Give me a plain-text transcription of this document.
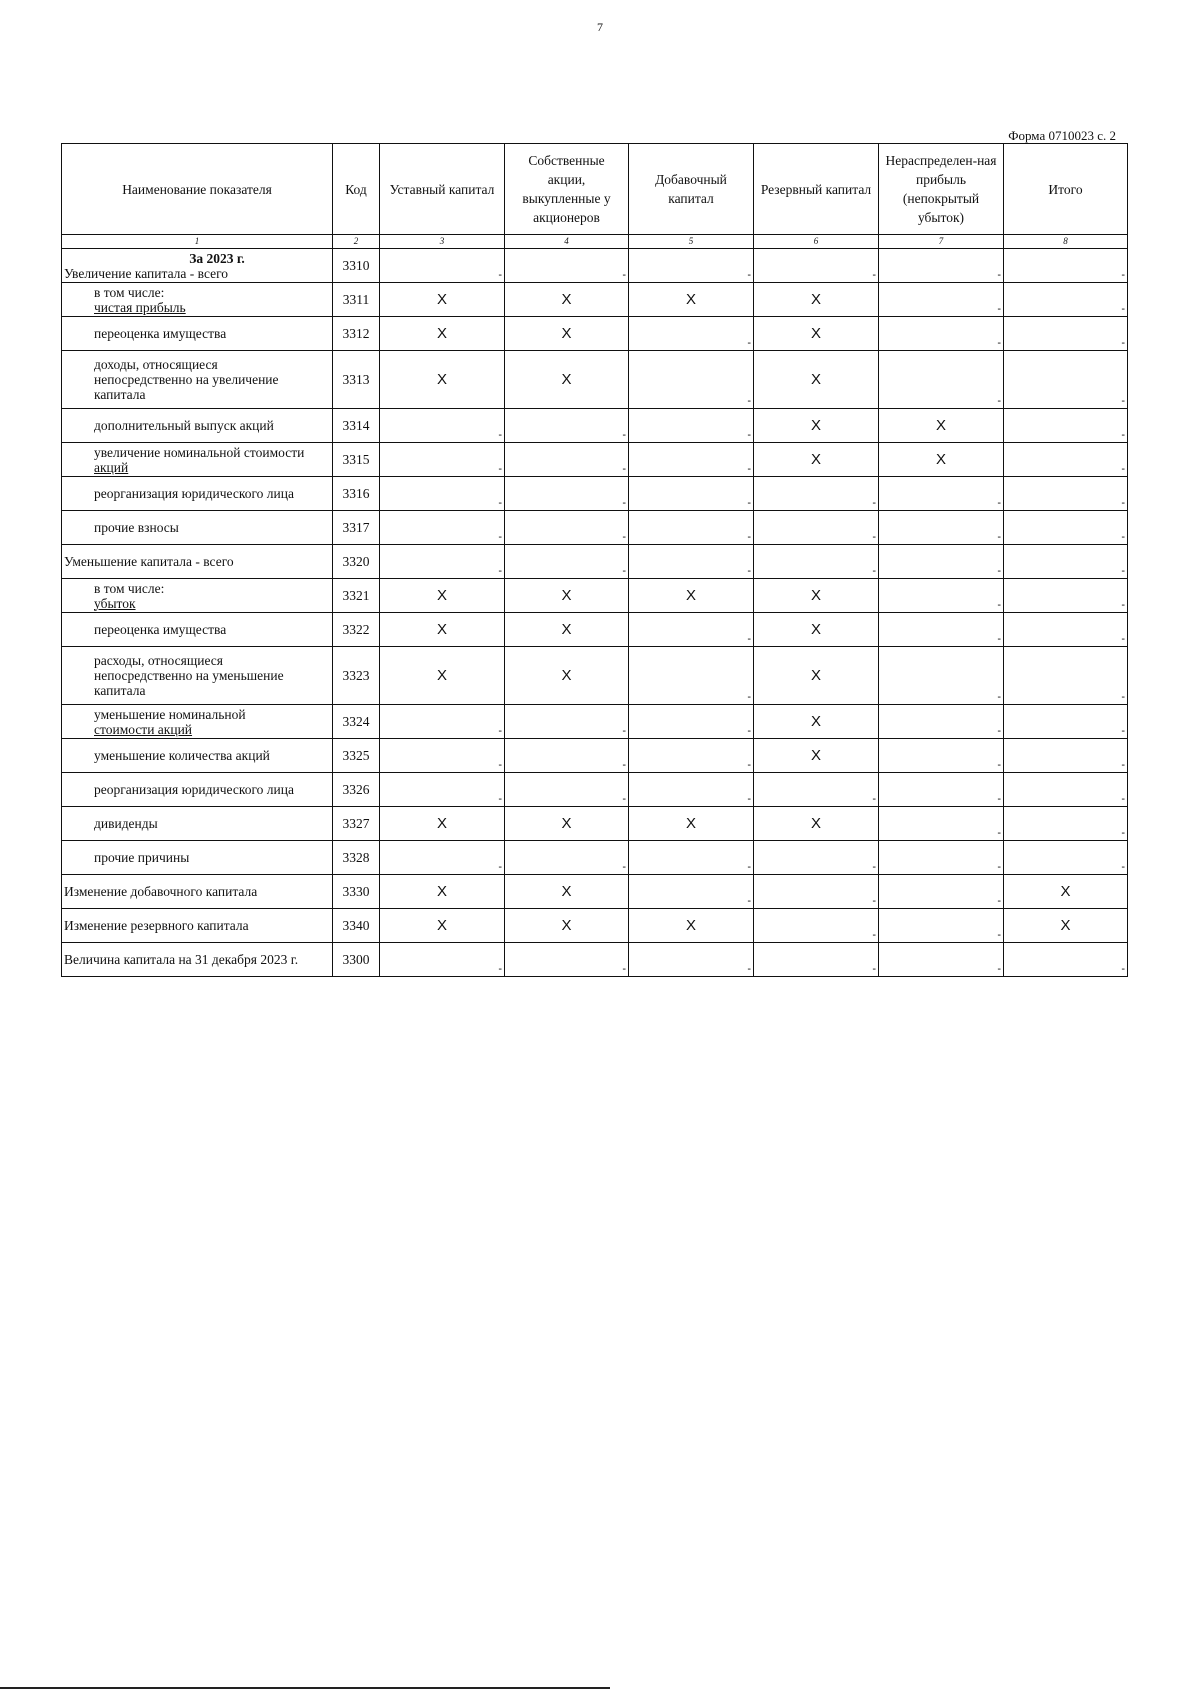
7
Форма 0710023 с. 2
Наименование показателя	Код	Уставный капитал	Собственные акции, выкупленные у акционеров	Добавочный капитал	Резервный капитал	Нераспределен-ная прибыль (непокрытый убыток)	Итого
1	2	3	4	5	6	7	8

За 2023 г.
Увеличение капитала - всего	3310	-	-	-	-	-	-

в том числе:
чистая прибыль	3311	X	X	X	X	-	-

переоценка имущества	3312	X	X	-	X	-	-

доходы, относящиеся
непосредственно на увеличение
капитала	3313	X	X	-	X	-	-

дополнительный выпуск акций	3314	-	-	-	X	X	-

увеличение номинальной стоимости
акций	3315	-	-	-	X	X	-

реорганизация юридического лица	3316	-	-	-	-	-	-

прочие взносы	3317	-	-	-	-	-	-

Уменьшение капитала - всего	3320	-	-	-	-	-	-

в том числе:
убыток	3321	X	X	X	X	-	-

переоценка имущества	3322	X	X	-	X	-	-

расходы, относящиеся
непосредственно на уменьшение
капитала	3323	X	X	-	X	-	-

уменьшение номинальной
стоимости акций	3324	-	-	-	X	-	-

уменьшение количества акций	3325	-	-	-	X	-	-

реорганизация юридического лица	3326	-	-	-	-	-	-

дивиденды	3327	X	X	X	X	-	-

прочие причины	3328	-	-	-	-	-	-

Изменение добавочного капитала	3330	X	X	-	-	-	X

Изменение резервного капитала	3340	X	X	X	-	-	X

Величина капитала на 31 декабря 2023 г.	3300	-	-	-	-	-	-
